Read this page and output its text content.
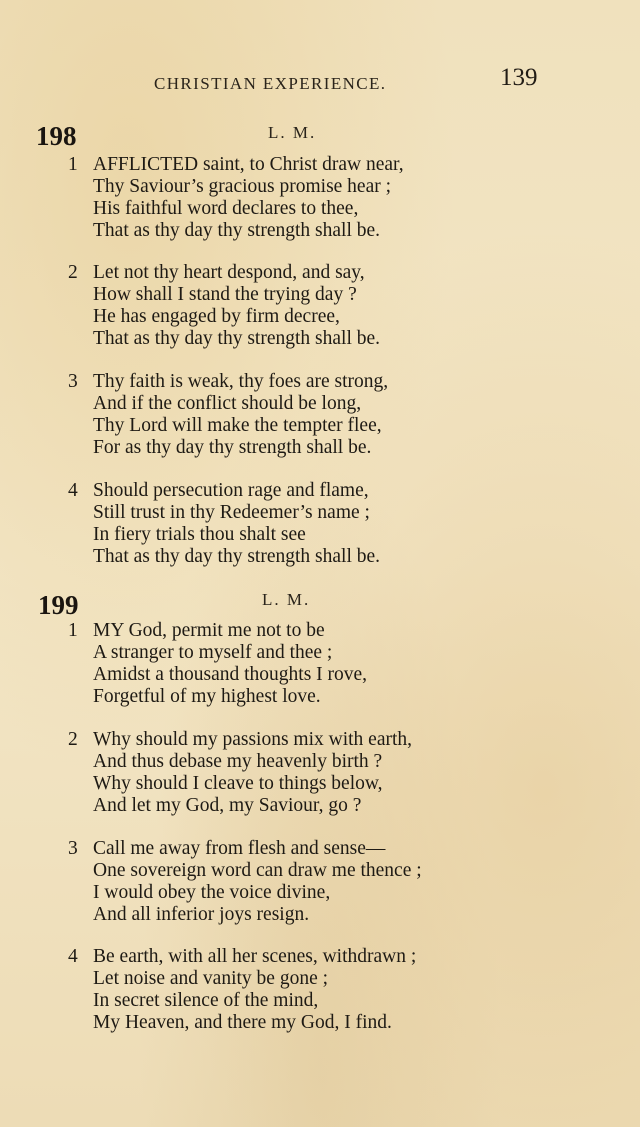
CHRISTIAN EXPERIENCE.	139
198	L. M.
1 AFFLICTED saint, to Christ draw near,
Thy Saviour’s gracious promise hear ;
His faithful word declares to thee,
That as thy day thy strength shall be.
2 Let not thy heart despond, and say,
How shall I stand the trying day ?
He has engaged by firm decree,
That as thy day thy strength shall be.
3 Thy faith is weak, thy foes are strong,
And if the conflict should be long,
Thy Lord will make the tempter flee,
For as thy day thy strength shall be.
4 Should persecution rage and flame,
Still trust in thy Redeemer’s name ;
In fiery trials thou shalt see
That as thy day thy strength shall be.
199	L. M.
1 MY God, permit me not to be
A stranger to myself and thee ;
Amidst a thousand thoughts I rove,
Forgetful of my highest love.
2 Why should my passions mix with earth,
And thus debase my heavenly birth ?
Why should I cleave to things below,
And let my God, my Saviour, go ?
3 Call me away from flesh and sense—
One sovereign word can draw me thence ;
I would obey the voice divine,
And all inferior joys resign.
4 Be earth, with all her scenes, withdrawn ;
Let noise and vanity be gone ;
In secret silence of the mind,
My Heaven, and there my God, I find.
